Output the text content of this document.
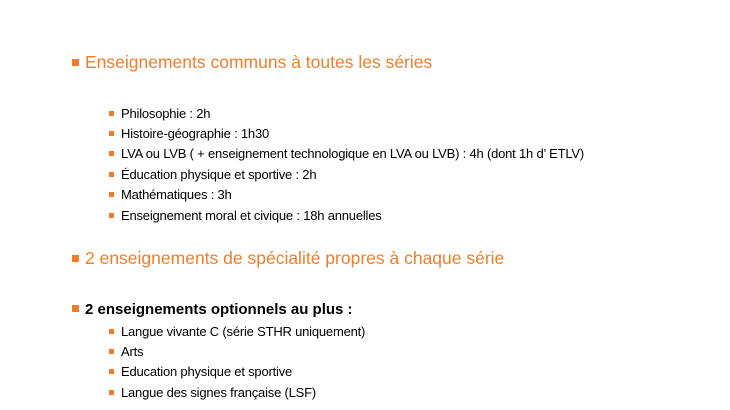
Enseignements communs à toutes les séries
Philosophie : 2h
Histoire-géographie : 1h30
LVA ou LVB ( + enseignement technologique en LVA ou LVB) : 4h (dont 1h d’ ETLV)
Éducation physique et sportive : 2h
Mathématiques : 3h
Enseignement moral et civique : 18h annuelles
2 enseignements de spécialité propres à chaque série
2 enseignements optionnels au plus :
Langue vivante C (série STHR uniquement)
Arts
Education physique et sportive
Langue des signes française (LSF)
